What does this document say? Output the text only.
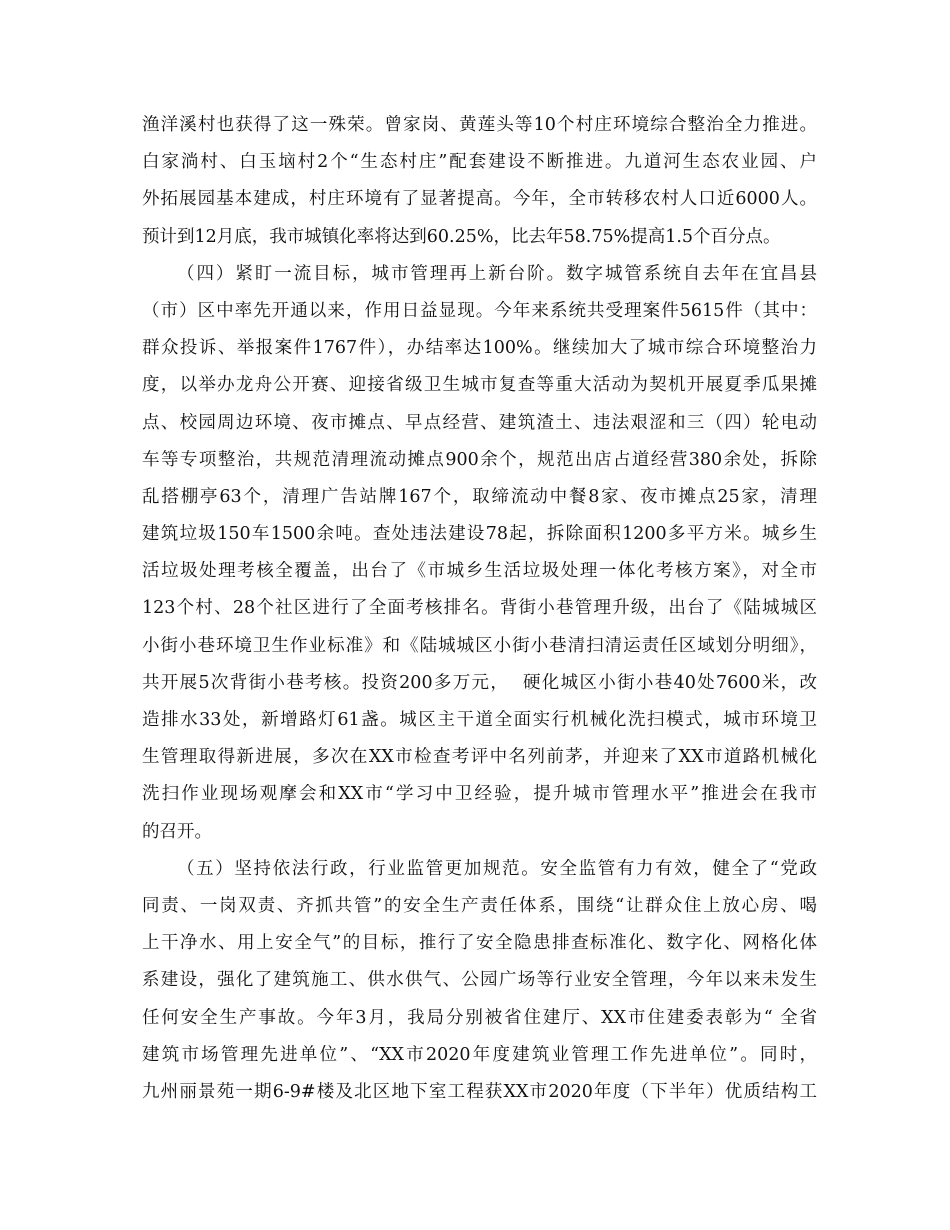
渔洋溪村也获得了这一殊荣。曾家岗、黄莲头等10个村庄环境综合整治全力推进。
白家淌村、白玉垴村2个“生态村庄”配套建设不断推进。九道河生态农业园、户
外拓展园基本建成，村庄环境有了显著提高。今年，全市转移农村人口近6000人。
预计到12月底，我市城镇化率将达到60.25%，比去年58.75%提高1.5个百分点。
（四）紧盯一流目标，城市管理再上新台阶。数字城管系统自去年在宜昌县
（市）区中率先开通以来，作用日益显现。今年来系统共受理案件5615件（其中：
群众投诉、举报案件1767件），办结率达100%。继续加大了城市综合环境整治力
度，以举办龙舟公开赛、迎接省级卫生城市复查等重大活动为契机开展夏季瓜果摊
点、校园周边环境、夜市摊点、早点经营、建筑渣土、违法艰涩和三（四）轮电动
车等专项整治，共规范清理流动摊点900余个，规范出店占道经营380余处，拆除
乱搭棚亭63个，清理广告站牌167个，取缔流动中餐8家、夜市摊点25家，清理
建筑垃圾150车1500余吨。查处违法建设78起，拆除面积1200多平方米。城乡生
活垃圾处理考核全覆盖，出台了《市城乡生活垃圾处理一体化考核方案》，对全市
123个村、28个社区进行了全面考核排名。背街小巷管理升级，出台了《陆城城区
小街小巷环境卫生作业标准》和《陆城城区小街小巷清扫清运责任区域划分明细》，
共开展5次背街小巷考核。投资200多万元，  硬化城区小街小巷40处7600米，改
造排水33处，新增路灯61盏。城区主干道全面实行机械化洗扫模式，城市环境卫
生管理取得新进展，多次在XX市检查考评中名列前茅，并迎来了XX市道路机械化
洗扫作业现场观摩会和XX市“学习中卫经验，提升城市管理水平”推进会在我市
的召开。
（五）坚持依法行政，行业监管更加规范。安全监管有力有效，健全了“党政
同责、一岗双责、齐抓共管”的安全生产责任体系，围绕“让群众住上放心房、喝
上干净水、用上安全气”的目标，推行了安全隐患排查标准化、数字化、网格化体
系建设，强化了建筑施工、供水供气、公园广场等行业安全管理，今年以来未发生
任何安全生产事故。今年3月，我局分别被省住建厅、XX市住建委表彰为“ 全省
建筑市场管理先进单位”、“XX市2020年度建筑业管理工作先进单位”。同时，
九州丽景苑一期6-9#楼及北区地下室工程获XX市2020年度（下半年）优质结构工
